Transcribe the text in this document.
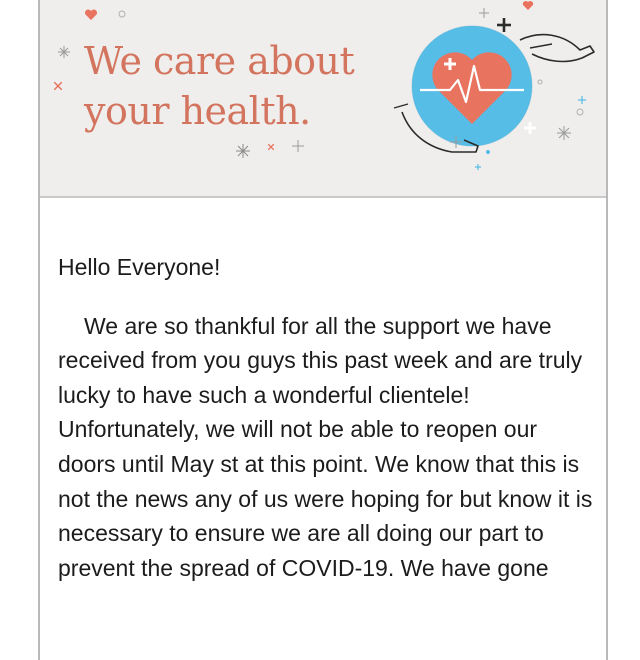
We care about
your health.

Hello Everyone!

We are so thankful for all the support we have received from you guys this past week and are truly lucky to have such a wonderful clientele! Unfortunately, we will not be able to reopen our doors until May st at this point. We know that this is not the news any of us were hoping for but know it is necessary to ensure we are all doing our part to prevent the spread of COVID-19. We have gone
